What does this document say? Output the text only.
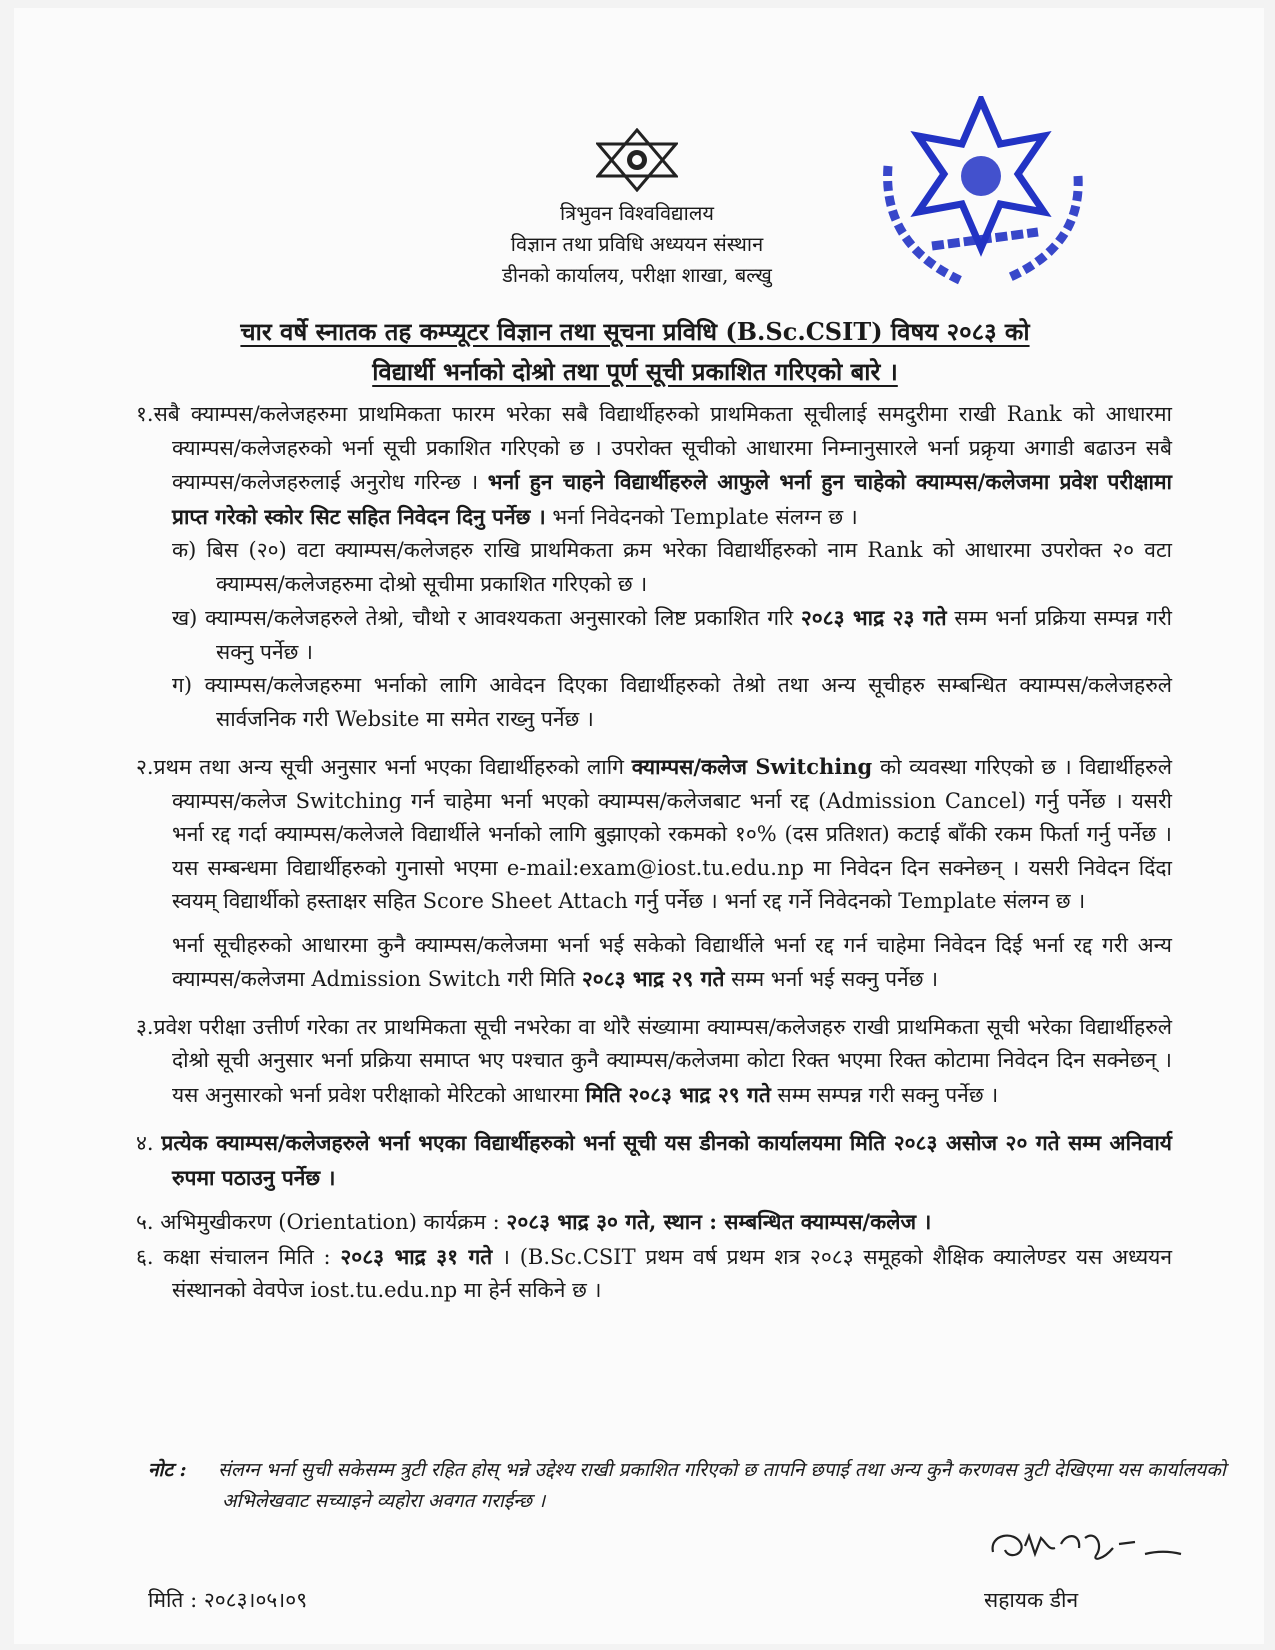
त्रिभुवन विश्वविद्यालय
विज्ञान तथा प्रविधि अध्ययन संस्थान
डीनको कार्यालय, परीक्षा शाखा, बल्खु
चार वर्षे स्नातक तह कम्प्यूटर विज्ञान तथा सूचना प्रविधि (B.Sc.CSIT) विषय २०८३ को
विद्यार्थी भर्नाको दोश्रो तथा पूर्ण सूची प्रकाशित गरिएको बारे ।

१.सबै क्याम्पस/कलेजहरुमा प्राथमिकता फारम भरेका सबै विद्यार्थीहरुको प्राथमिकता सूचीलाई समदुरीमा राखी Rank को आधारमा क्याम्पस/कलेजहरुको भर्ना सूची प्रकाशित गरिएको छ । उपरोक्त सूचीको आधारमा निम्नानुसारले भर्ना प्रक्रृया अगाडी बढाउन सबै क्याम्पस/कलेजहरुलाई अनुरोध गरिन्छ । भर्ना हुन चाहने विद्यार्थीहरुले आफुले भर्ना हुन चाहेको क्याम्पस/कलेजमा प्रवेश परीक्षामा प्राप्त गरेको स्कोर सिट सहित निवेदन दिनु पर्नेछ । भर्ना निवेदनको Template संलग्न छ ।

क) बिस (२०) वटा क्याम्पस/कलेजहरु राखि प्राथमिकता क्रम भरेका विद्यार्थीहरुको नाम Rank को आधारमा उपरोक्त २० वटा क्याम्पस/कलेजहरुमा दोश्रो सूचीमा प्रकाशित गरिएको छ ।

ख) क्याम्पस/कलेजहरुले तेश्रो, चौथो र आवश्यकता अनुसारको लिष्ट प्रकाशित गरि २०८३ भाद्र २३ गते सम्म भर्ना प्रक्रिया सम्पन्न गरी सक्नु पर्नेछ ।

ग) क्याम्पस/कलेजहरुमा भर्नाको लागि आवेदन दिएका विद्यार्थीहरुको तेश्रो तथा अन्य सूचीहरु सम्बन्धित क्याम्पस/कलेजहरुले सार्वजनिक गरी Website मा समेत राख्नु पर्नेछ ।

२.प्रथम तथा अन्य सूची अनुसार भर्ना भएका विद्यार्थीहरुको लागि क्याम्पस/कलेज Switching को व्यवस्था गरिएको छ । विद्यार्थीहरुले क्याम्पस/कलेज Switching गर्न चाहेमा भर्ना भएको क्याम्पस/कलेजबाट भर्ना रद्द (Admission Cancel) गर्नु पर्नेछ । यसरी भर्ना रद्द गर्दा क्याम्पस/कलेजले विद्यार्थीले भर्नाको लागि बुझाएको रकमको १०% (दस प्रतिशत) कटाई बाँकी रकम फिर्ता गर्नु पर्नेछ । यस सम्बन्धमा विद्यार्थीहरुको गुनासो भएमा e-mail:exam@iost.tu.edu.np मा निवेदन दिन सक्नेछन् । यसरी निवेदन दिंदा स्वयम् विद्यार्थीको हस्ताक्षर सहित Score Sheet Attach गर्नु पर्नेछ । भर्ना रद्द गर्ने निवेदनको Template संलग्न छ ।

भर्ना सूचीहरुको आधारमा कुनै क्याम्पस/कलेजमा भर्ना भई सकेको विद्यार्थीले भर्ना रद्द गर्न चाहेमा निवेदन दिई भर्ना रद्द गरी अन्य क्याम्पस/कलेजमा Admission Switch गरी मिति २०८३ भाद्र २९ गते सम्म भर्ना भई सक्नु पर्नेछ ।

३.प्रवेश परीक्षा उत्तीर्ण गरेका तर प्राथमिकता सूची नभरेका वा थोरै संख्यामा क्याम्पस/कलेजहरु राखी प्राथमिकता सूची भरेका विद्यार्थीहरुले दोश्रो सूची अनुसार भर्ना प्रक्रिया समाप्त भए पश्चात कुनै क्याम्पस/कलेजमा कोटा रिक्त भएमा रिक्त कोटामा निवेदन दिन सक्नेछन् । यस अनुसारको भर्ना प्रवेश परीक्षाको मेरिटको आधारमा मिति २०८३ भाद्र २९ गते सम्म सम्पन्न गरी सक्नु पर्नेछ ।

४. प्रत्येक क्याम्पस/कलेजहरुले भर्ना भएका विद्यार्थीहरुको भर्ना सूची यस डीनको कार्यालयमा मिति २०८३ असोज २० गते सम्म अनिवार्य रुपमा पठाउनु पर्नेछ ।

५. अभिमुखीकरण (Orientation) कार्यक्रम : २०८३ भाद्र ३० गते, स्थान : सम्बन्धित क्याम्पस/कलेज ।

६. कक्षा संचालन मिति : २०८३ भाद्र ३१ गते । (B.Sc.CSIT प्रथम वर्ष प्रथम शत्र २०८३ समूहको शैक्षिक क्यालेण्डर यस अध्ययन संस्थानको वेवपेज iost.tu.edu.np मा हेर्न सकिने छ ।

नोट : संलग्न भर्ना सुची सकेसम्म त्रुटी रहित होस् भन्ने उद्देश्य राखी प्रकाशित गरिएको छ तापनि छपाई तथा अन्य कुनै करणवस त्रुटी देखिएमा यस कार्यालयको अभिलेखवाट सच्याइने व्यहोरा अवगत गराईन्छ ।
मिति : २०८३।०५।०९	सहायक डीन
